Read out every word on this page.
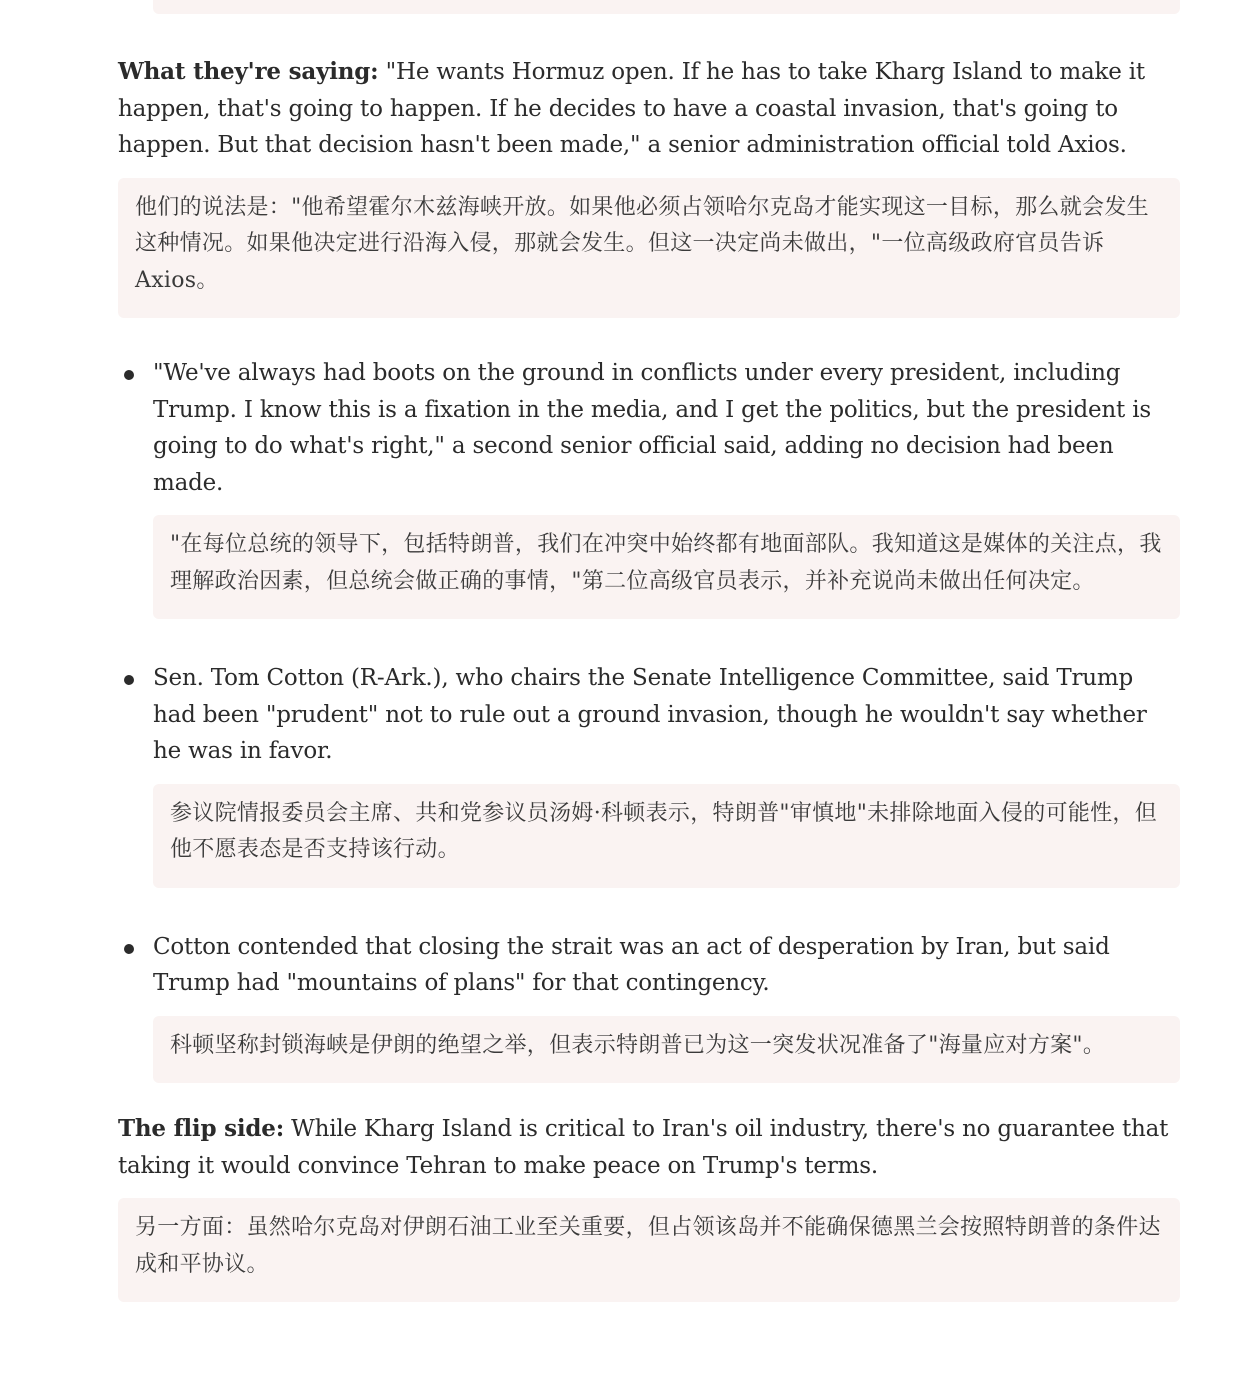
What they're saying: "He wants Hormuz open. If he has to take Kharg Island to make it happen, that's going to happen. If he decides to have a coastal invasion, that's going to happen. But that decision hasn't been made," a senior administration official told Axios.

他们的说法是："他希望霍尔木兹海峡开放。如果他必须占领哈尔克岛才能实现这一目标，那么就会发生这种情况。如果他决定进行沿海入侵，那就会发生。但这一决定尚未做出，"一位高级政府官员告诉 Axios。

"We've always had boots on the ground in conflicts under every president, including Trump. I know this is a fixation in the media, and I get the politics, but the president is going to do what's right," a second senior official said, adding no decision had been made.

"在每位总统的领导下，包括特朗普，我们在冲突中始终都有地面部队。我知道这是媒体的关注点，我理解政治因素，但总统会做正确的事情，"第二位高级官员表示，并补充说尚未做出任何决定。

Sen. Tom Cotton (R-Ark.), who chairs the Senate Intelligence Committee, said Trump had been "prudent" not to rule out a ground invasion, though he wouldn't say whether he was in favor.

参议院情报委员会主席、共和党参议员汤姆·科顿表示，特朗普"审慎地"未排除地面入侵的可能性，但他不愿表态是否支持该行动。

Cotton contended that closing the strait was an act of desperation by Iran, but said Trump had "mountains of plans" for that contingency.

科顿坚称封锁海峡是伊朗的绝望之举，但表示特朗普已为这一突发状况准备了"海量应对方案"。

The flip side: While Kharg Island is critical to Iran's oil industry, there's no guarantee that taking it would convince Tehran to make peace on Trump's terms.

另一方面：虽然哈尔克岛对伊朗石油工业至关重要，但占领该岛并不能确保德黑兰会按照特朗普的条件达成和平协议。
